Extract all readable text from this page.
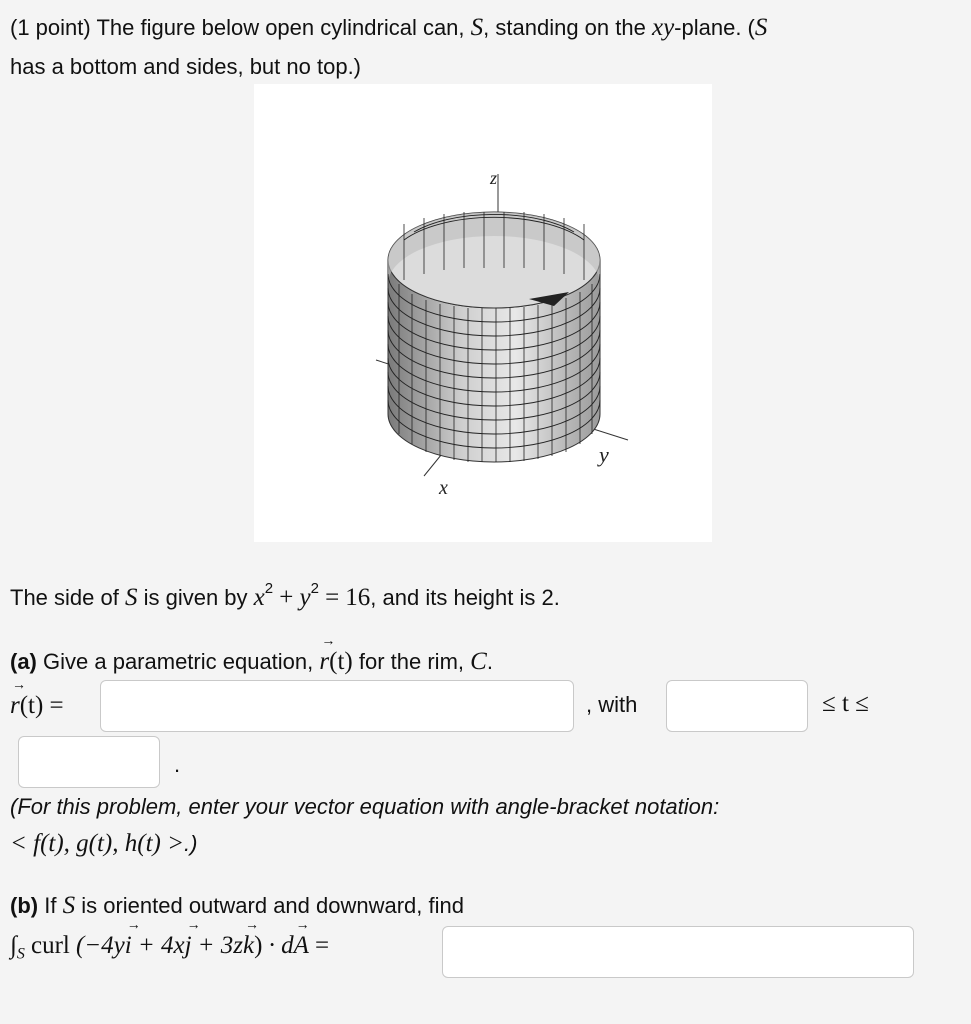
(1 point) The figure below open cylindrical can, S, standing on the xy-plane. (S
has a bottom and sides, but no top.)
z
y
x
The side of S is given by $x^2 + y^2 = 16$, and its height is 2.
(a) Give a parametric equation, r →(t) for the rim, C.
r →(t) =	, with	≤ t ≤
.
(For this problem, enter your vector equation with angle-bracket notation:
< f(t), g(t), h(t) >.)
(b) If S is oriented outward and downward, find
$\int_S$ curl (−4yi → + 4xj → + 3zk →) · dA → =
